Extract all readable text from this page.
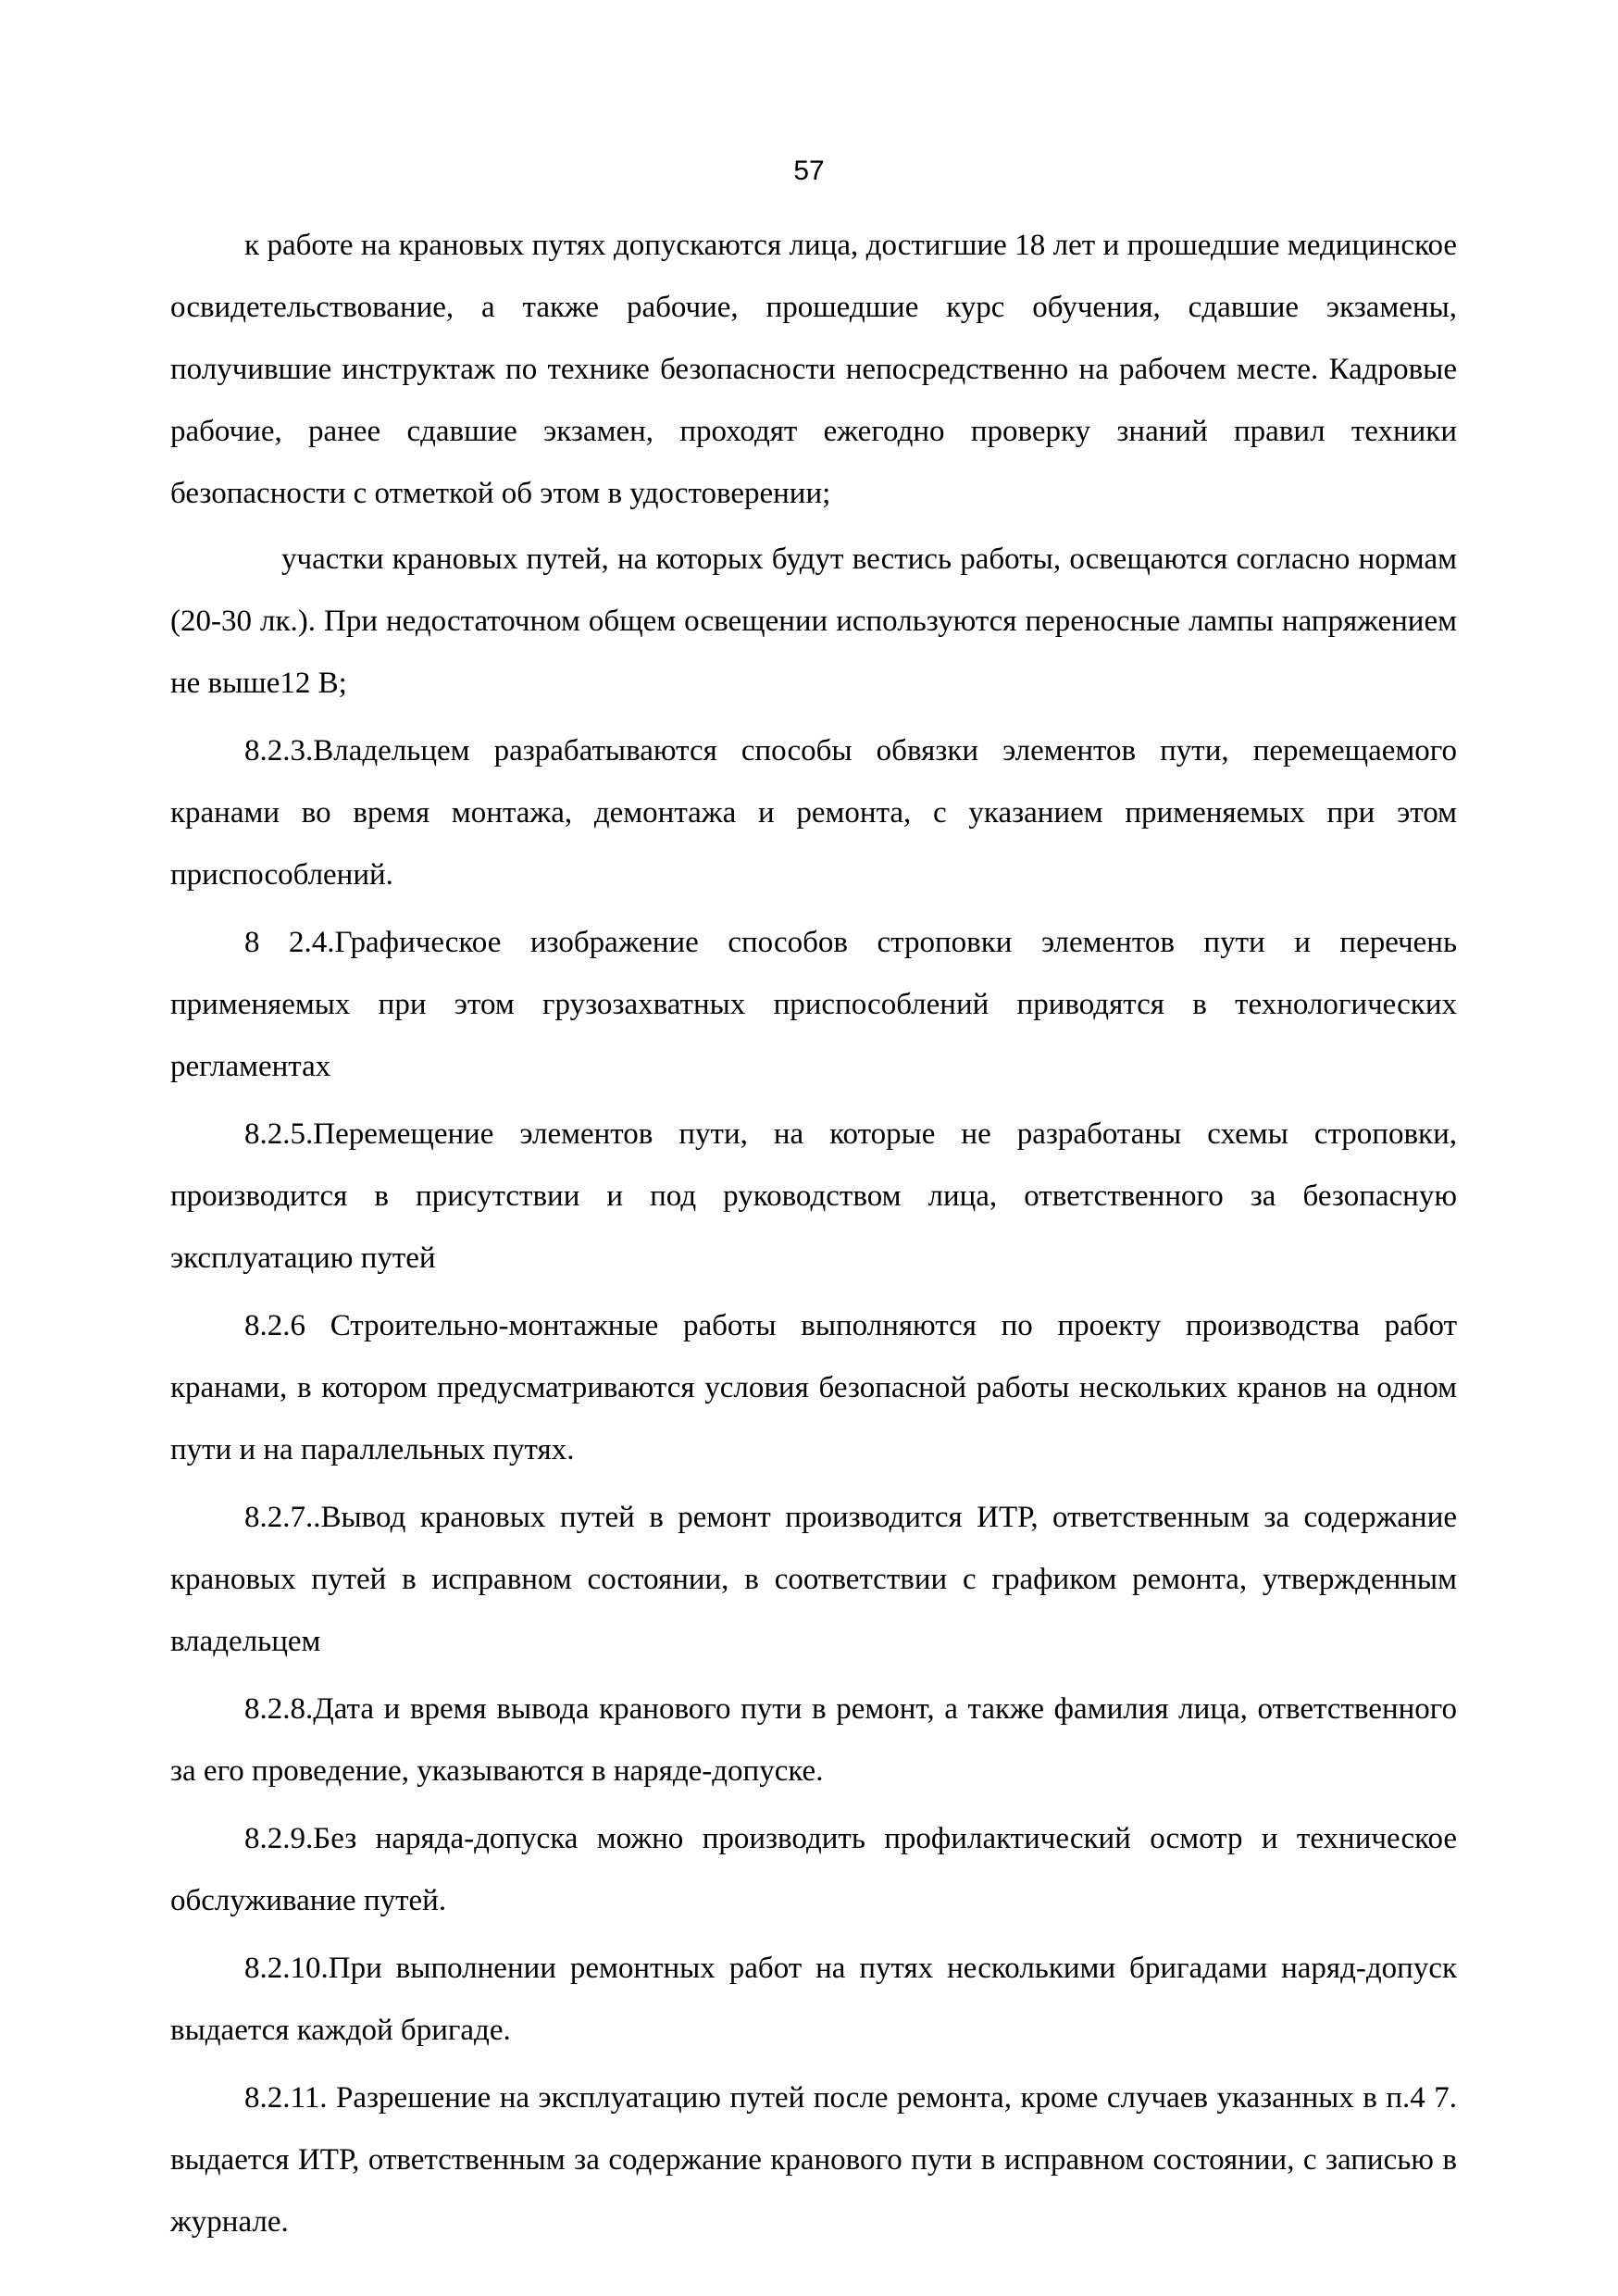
57

к работе на крановых путях допускаются лица, достигшие 18 лет и прошедшие медицинское освидетельствование, а также рабочие, прошедшие курс обучения, сдавшие экзамены, получившие инструктаж по технике безопасности непосредственно на рабочем месте. Кадровые рабочие, ранее сдавшие экзамен, проходят ежегодно проверку знаний правил техники безопасности с отметкой об этом в удостоверении;

участки крановых путей, на которых будут вестись работы, освещаются согласно нормам (20-30 лк.). При недостаточном общем освещении используются переносные лампы напряжением не выше12 В;

8.2.3.Владельцем разрабатываются способы обвязки элементов пути, перемещаемого кранами во время монтажа, демонтажа и ремонта, с указанием применяемых при этом приспособлений.

8 2.4.Графическое изображение способов строповки элементов пути и перечень применяемых при этом грузозахватных приспособлений приводятся в технологических регламентах

8.2.5.Перемещение элементов пути, на которые не разработаны схемы строповки, производится в присутствии и под руководством лица, ответственного за безопасную эксплуатацию путей

8.2.6 Строительно-монтажные работы выполняются по проекту производства работ кранами, в котором предусматриваются условия безопасной работы нескольких кранов на одном пути и на параллельных путях.

8.2.7..Вывод крановых путей в ремонт производится ИТР, ответственным за содержание крановых путей в исправном состоянии, в соответствии с графиком ремонта, утвержденным владельцем

8.2.8.Дата и время вывода кранового пути в ремонт, а также фамилия лица, ответственного за его проведение, указываются в наряде-допуске.

8.2.9.Без наряда-допуска можно производить профилактический осмотр и техническое обслуживание путей.

8.2.10.При выполнении ремонтных работ на путях несколькими бригадами наряд-допуск выдается каждой бригаде.

8.2.11. Разрешение на эксплуатацию путей после ремонта, кроме случаев указанных в п.4 7. выдается ИТР, ответственным за содержание кранового пути в исправном состоянии, с записью в журнале.
